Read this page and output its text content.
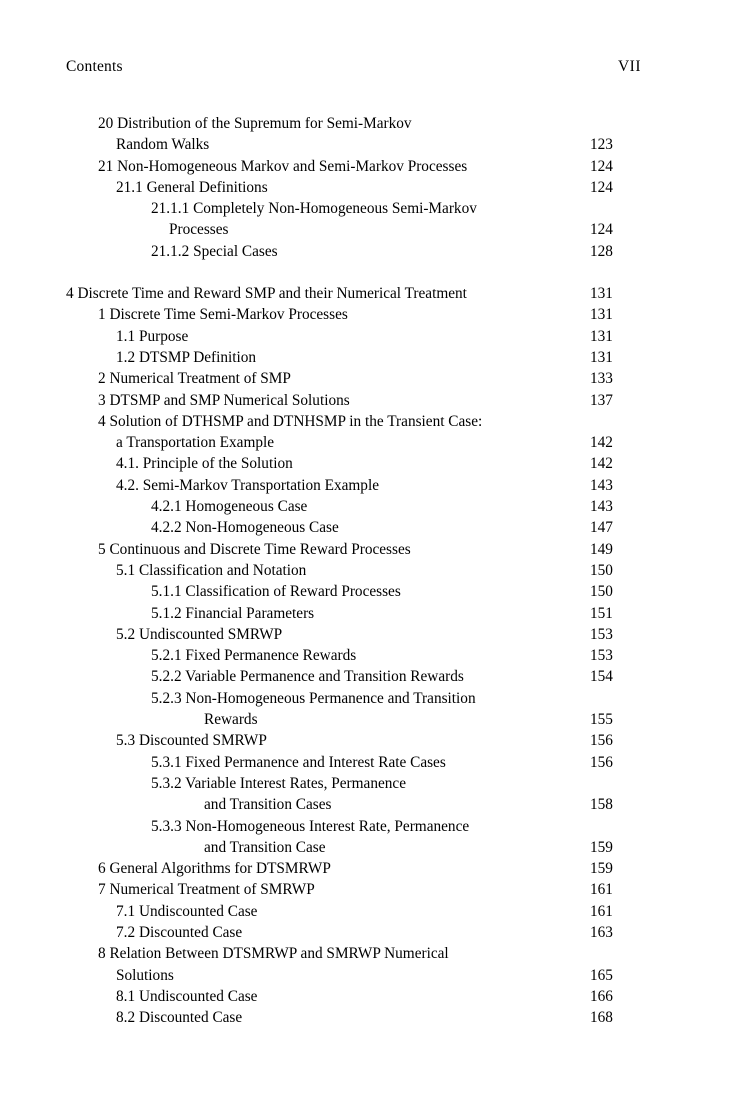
Contents	VII
20 Distribution of the Supremum for Semi-Markov
Random Walks	123
21 Non-Homogeneous Markov and Semi-Markov Processes	124
21.1 General Definitions	124
21.1.1 Completely Non-Homogeneous Semi-Markov
Processes	124
21.1.2 Special Cases	128
4 Discrete Time and Reward SMP and their Numerical Treatment	131
1 Discrete Time Semi-Markov Processes	131
1.1 Purpose	131
1.2 DTSMP Definition	131
2 Numerical Treatment of SMP	133
3 DTSMP and SMP Numerical Solutions	137
4 Solution of DTHSMP and DTNHSMP in the Transient Case:
a Transportation Example	142
4.1. Principle of the Solution	142
4.2. Semi-Markov Transportation Example	143
4.2.1 Homogeneous Case	143
4.2.2 Non-Homogeneous Case	147
5 Continuous and Discrete Time Reward Processes	149
5.1 Classification and Notation	150
5.1.1 Classification of Reward Processes	150
5.1.2 Financial Parameters	151
5.2 Undiscounted SMRWP	153
5.2.1 Fixed Permanence Rewards	153
5.2.2 Variable Permanence and Transition Rewards	154
5.2.3 Non-Homogeneous Permanence and Transition
Rewards	155
5.3 Discounted SMRWP	156
5.3.1 Fixed Permanence and Interest Rate Cases	156
5.3.2 Variable Interest Rates, Permanence
and Transition Cases	158
5.3.3 Non-Homogeneous Interest Rate, Permanence
and Transition Case	159
6 General Algorithms for DTSMRWP	159
7 Numerical Treatment of SMRWP	161
7.1 Undiscounted Case	161
7.2 Discounted Case	163
8 Relation Between DTSMRWP and SMRWP Numerical
Solutions	165
8.1 Undiscounted Case	166
8.2 Discounted Case	168
